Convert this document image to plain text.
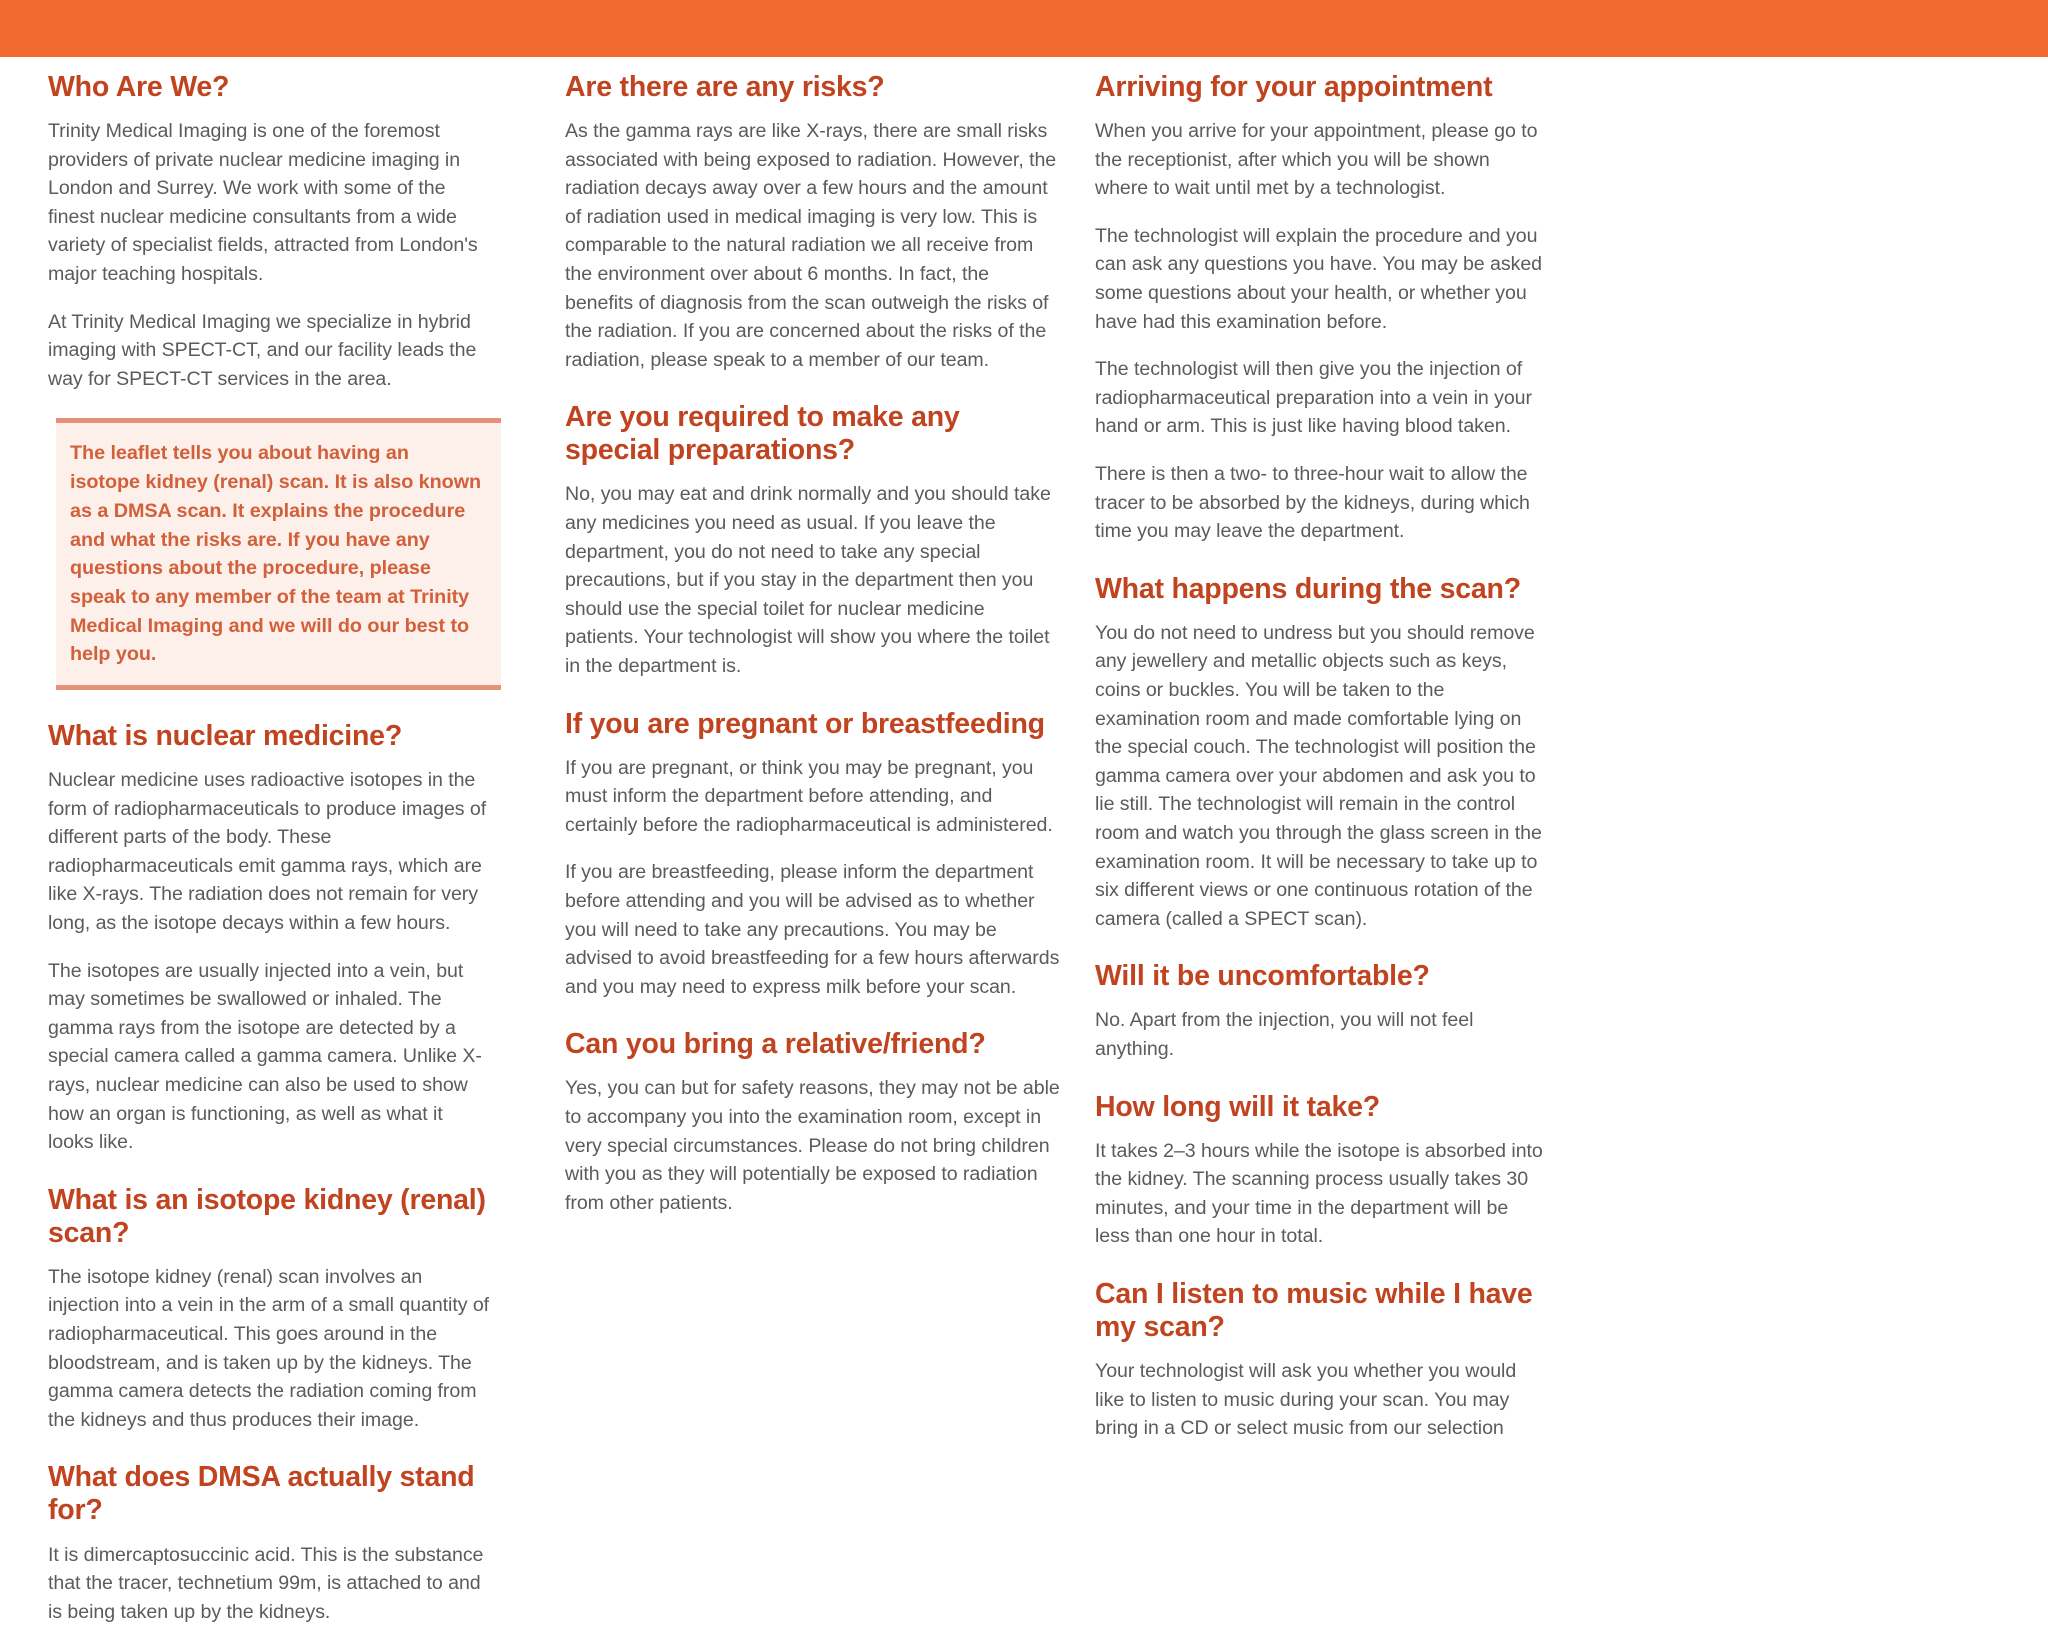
Who Are We?

Trinity Medical Imaging is one of the foremost providers of private nuclear medicine imaging in London and Surrey. We work with some of the finest nuclear medicine consultants from a wide variety of specialist fields, attracted from London's major teaching hospitals.

At Trinity Medical Imaging we specialize in hybrid imaging with SPECT-CT, and our facility leads the way for SPECT-CT services in the area.

The leaflet tells you about having an isotope kidney (renal) scan. It is also known as a DMSA scan. It explains the procedure and what the risks are. If you have any questions about the procedure, please speak to any member of the team at Trinity Medical Imaging and we will do our best to help you.

What is nuclear medicine?

Nuclear medicine uses radioactive isotopes in the form of radiopharmaceuticals to produce images of different parts of the body. These radiopharmaceuticals emit gamma rays, which are like X-rays. The radiation does not remain for very long, as the isotope decays within a few hours.

The isotopes are usually injected into a vein, but may sometimes be swallowed or inhaled. The gamma rays from the isotope are detected by a special camera called a gamma camera. Unlike X-rays, nuclear medicine can also be used to show how an organ is functioning, as well as what it looks like.

What is an isotope kidney (renal) scan?

The isotope kidney (renal) scan involves an injection into a vein in the arm of a small quantity of radiopharmaceutical. This goes around in the bloodstream, and is taken up by the kidneys. The gamma camera detects the radiation coming from the kidneys and thus produces their image.

What does DMSA actually stand for?

It is dimercaptosuccinic acid. This is the substance that the tracer, technetium 99m, is attached to and is being taken up by the kidneys.

Are there are any risks?

As the gamma rays are like X-rays, there are small risks associated with being exposed to radiation. However, the radiation decays away over a few hours and the amount of radiation used in medical imaging is very low. This is comparable to the natural radiation we all receive from the environment over about 6 months. In fact, the benefits of diagnosis from the scan outweigh the risks of the radiation. If you are concerned about the risks of the radiation, please speak to a member of our team.

Are you required to make any special preparations?

No, you may eat and drink normally and you should take any medicines you need as usual. If you leave the department, you do not need to take any special precautions, but if you stay in the department then you should use the special toilet for nuclear medicine patients. Your technologist will show you where the toilet in the department is.

If you are pregnant or breastfeeding

If you are pregnant, or think you may be pregnant, you must inform the department before attending, and certainly before the radiopharmaceutical is administered.

If you are breastfeeding, please inform the department before attending and you will be advised as to whether you will need to take any precautions. You may be advised to avoid breastfeeding for a few hours afterwards and you may need to express milk before your scan.

Can you bring a relative/friend?

Yes, you can but for safety reasons, they may not be able to accompany you into the examination room, except in very special circumstances. Please do not bring children with you as they will potentially be exposed to radiation from other patients.

Arriving for your appointment

When you arrive for your appointment, please go to the receptionist, after which you will be shown where to wait until met by a technologist.

The technologist will explain the procedure and you can ask any questions you have. You may be asked some questions about your health, or whether you have had this examination before.

The technologist will then give you the injection of radiopharmaceutical preparation into a vein in your hand or arm. This is just like having blood taken.

There is then a two- to three-hour wait to allow the tracer to be absorbed by the kidneys, during which time you may leave the department.

What happens during the scan?

You do not need to undress but you should remove any jewellery and metallic objects such as keys, coins or buckles. You will be taken to the examination room and made comfortable lying on the special couch. The technologist will position the gamma camera over your abdomen and ask you to lie still. The technologist will remain in the control room and watch you through the glass screen in the examination room. It will be necessary to take up to six different views or one continuous rotation of the camera (called a SPECT scan).

Will it be uncomfortable?

No. Apart from the injection, you will not feel anything.

How long will it take?

It takes 2–3 hours while the isotope is absorbed into the kidney. The scanning process usually takes 30 minutes, and your time in the department will be less than one hour in total.

Can I listen to music while I have my scan?

Your technologist will ask you whether you would like to listen to music during your scan. You may bring in a CD or select music from our selection
